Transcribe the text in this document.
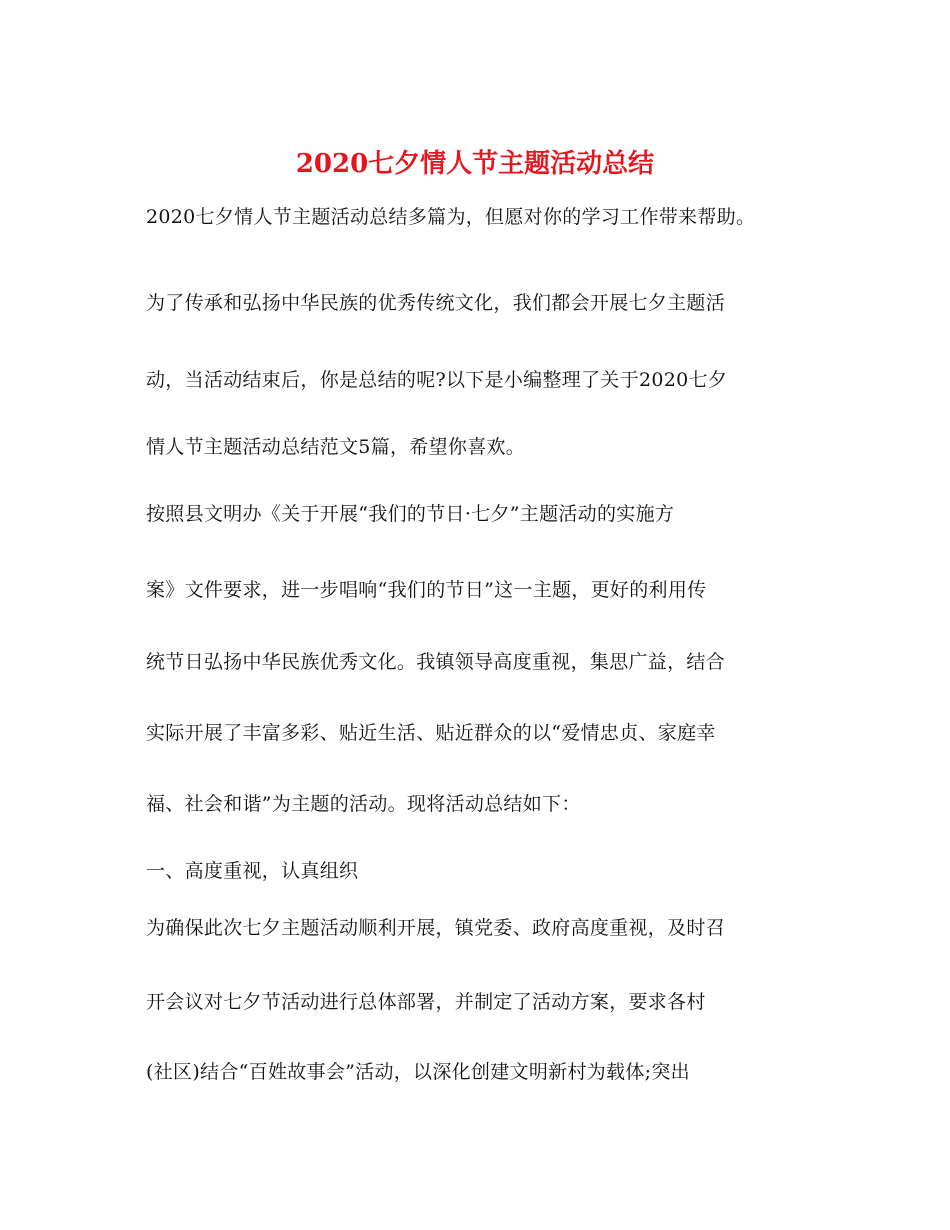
2020七夕情人节主题活动总结
2020七夕情人节主题活动总结多篇为，但愿对你的学习工作带来帮助。
为了传承和弘扬中华民族的优秀传统文化，我们都会开展七夕主题活
动，当活动结束后，你是总结的呢?以下是小编整理了关于2020七夕
情人节主题活动总结范文5篇，希望你喜欢。
按照县文明办《关于开展“我们的节日·七夕”主题活动的实施方
案》文件要求，进一步唱响“我们的节日”这一主题，更好的利用传
统节日弘扬中华民族优秀文化。我镇领导高度重视，集思广益，结合
实际开展了丰富多彩、贴近生活、贴近群众的以“爱情忠贞、家庭幸
福、社会和谐”为主题的活动。现将活动总结如下：
一、高度重视，认真组织
为确保此次七夕主题活动顺利开展，镇党委、政府高度重视，及时召
开会议对七夕节活动进行总体部署，并制定了活动方案，要求各村
(社区)结合“百姓故事会”活动，以深化创建文明新村为载体;突出
